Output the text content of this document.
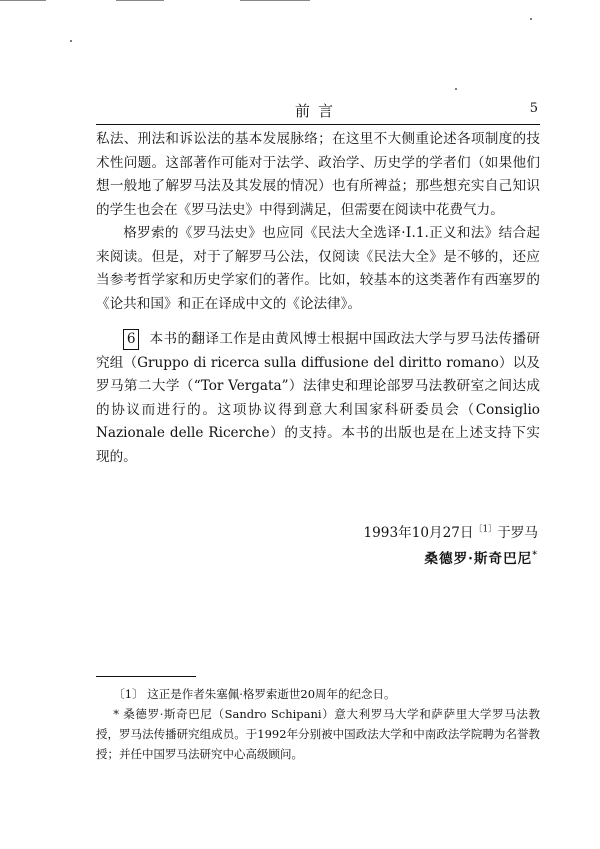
前言	5

私法、刑法和诉讼法的基本发展脉络；在这里不大侧重论述各项制度的技术性问题。这部著作可能对于法学、政治学、历史学的学者们（如果他们想一般地了解罗马法及其发展的情况）也有所裨益；那些想充实自己知识的学生也会在《罗马法史》中得到满足，但需要在阅读中花费气力。

格罗索的《罗马法史》也应同《民法大全选译·Ⅰ.1.正义和法》结合起来阅读。但是，对于了解罗马公法，仅阅读《民法大全》是不够的，还应当参考哲学家和历史学家们的著作。比如，较基本的这类著作有西塞罗的《论共和国》和正在译成中文的《论法律》。

6 本书的翻译工作是由黄风博士根据中国政法大学与罗马法传播研究组（Gruppo di ricerca sulla diffusione del diritto romano）以及罗马第二大学（“Tor Vergata”）法律史和理论部罗马法教研室之间达成的协议而进行的。这项协议得到意大利国家科研委员会（Consiglio Nazionale delle Ricerche）的支持。本书的出版也是在上述支持下实现的。

1993年10月27日$^{〔1〕}$于罗马
桑德罗·斯奇巴尼*

〔1〕 这正是作者朱塞佩·格罗索逝世20周年的纪念日。

* 桑德罗·斯奇巴尼（Sandro Schipani）意大利罗马大学和萨萨里大学罗马法教授，罗马法传播研究组成员。于1992年分别被中国政法大学和中南政法学院聘为名誉教授；并任中国罗马法研究中心高级顾问。
